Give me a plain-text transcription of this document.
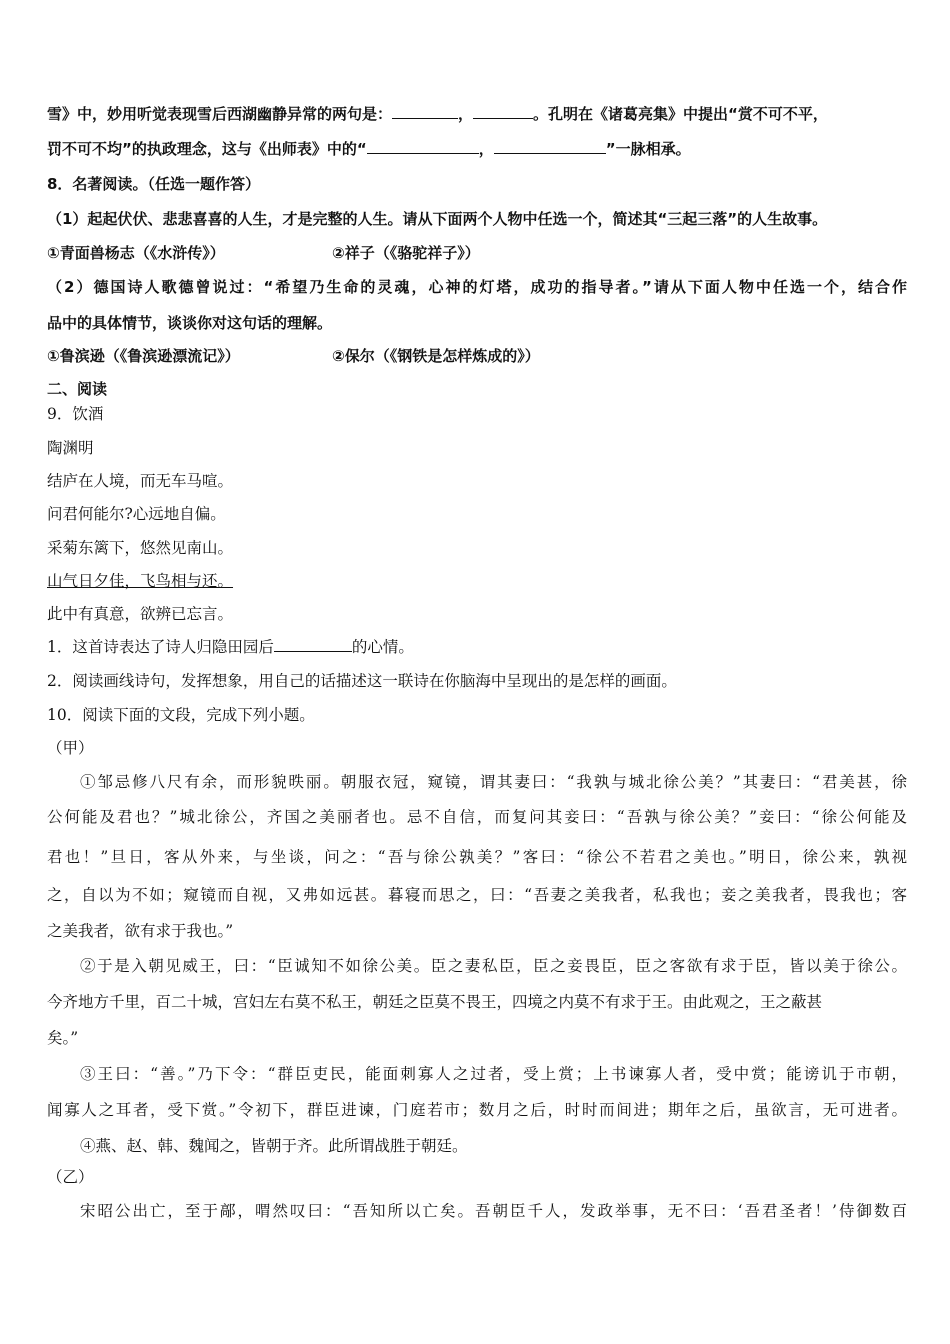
雪》中，妙用听觉表现雪后西湖幽静异常的两句是：	，	。孔明在《诸葛亮集》中提出“赏不可不平，
罚不可不均”的执政理念，这与《出师表》中的“	，	”一脉相承。
8．名著阅读。（任选一题作答）
（1）起起伏伏、悲悲喜喜的人生，才是完整的人生。请从下面两个人物中任选一个，简述其“三起三落”的人生故事。
①青面兽杨志（《水浒传》）	②祥子（《骆驼祥子》）
（2）德国诗人歌德曾说过：“希望乃生命的灵魂，心神的灯塔，成功的指导者。”请从下面人物中任选一个，结合作
品中的具体情节，谈谈你对这句话的理解。
①鲁滨逊（《鲁滨逊漂流记》）	②保尔（《钢铁是怎样炼成的》）
二、阅读
9．饮酒
陶渊明
结庐在人境，而无车马喧。
问君何能尔?心远地自偏。
采菊东篱下，悠然见南山。
山气日夕佳，飞鸟相与还。
此中有真意，欲辨已忘言。
1．这首诗表达了诗人归隐田园后	的心情。
2．阅读画线诗句，发挥想象，用自己的话描述这一联诗在你脑海中呈现出的是怎样的画面。
10．阅读下面的文段，完成下列小题。
（甲）
①邹忌修八尺有余，而形貌昳丽。朝服衣冠，窥镜，谓其妻曰：“我孰与城北徐公美？”其妻曰：“君美甚，徐
公何能及君也？”城北徐公，齐国之美丽者也。忌不自信，而复问其妾曰：“吾孰与徐公美？”妾曰：“徐公何能及
君也！”旦日，客从外来，与坐谈，问之：“吾与徐公孰美？”客曰：“徐公不若君之美也。”明日，徐公来，孰视
之，自以为不如；窥镜而自视，又弗如远甚。暮寝而思之，曰：“吾妻之美我者，私我也；妾之美我者，畏我也；客
之美我者，欲有求于我也。”
②于是入朝见威王，曰：“臣诚知不如徐公美。臣之妻私臣，臣之妾畏臣，臣之客欲有求于臣，皆以美于徐公。
今齐地方千里，百二十城，宫妇左右莫不私王，朝廷之臣莫不畏王，四境之内莫不有求于王。由此观之，王之蔽甚
矣。”
③王曰：“善。”乃下令：“群臣吏民，能面刺寡人之过者，受上赏；上书谏寡人者，受中赏；能谤讥于市朝，
闻寡人之耳者，受下赏。”令初下，群臣进谏，门庭若市；数月之后，时时而间进；期年之后，虽欲言，无可进者。
④燕、赵、韩、魏闻之，皆朝于齐。此所谓战胜于朝廷。
（乙）
宋昭公出亡，至于鄗，喟然叹曰：“吾知所以亡矣。吾朝臣千人，发政举事，无不曰：‘吾君圣者！’侍御数百
